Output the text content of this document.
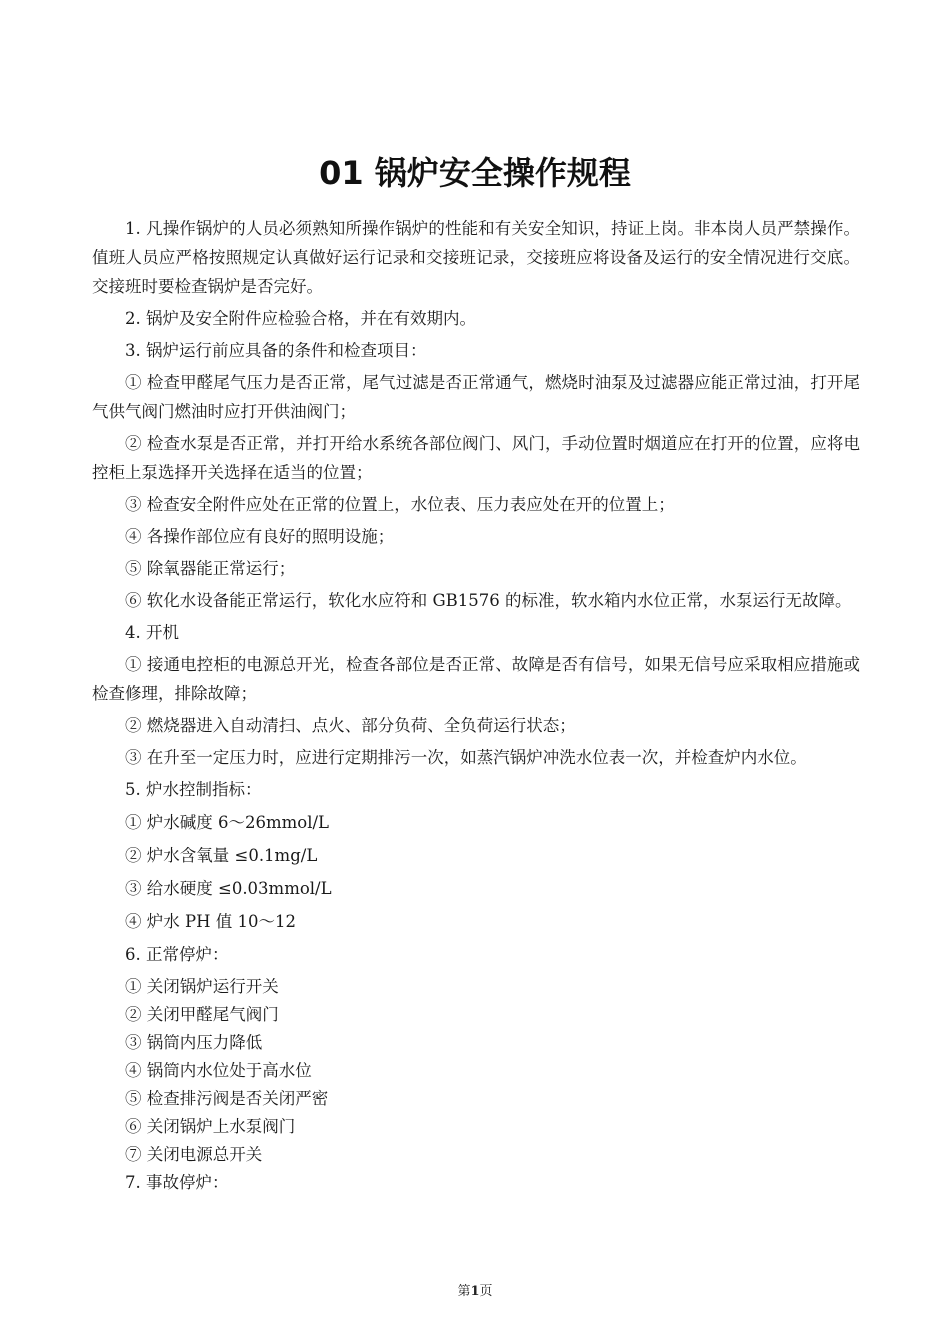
01 锅炉安全操作规程

1. 凡操作锅炉的人员必须熟知所操作锅炉的性能和有关安全知识，持证上岗。非本岗人员严禁操作。值班人员应严格按照规定认真做好运行记录和交接班记录，交接班应将设备及运行的安全情况进行交底。交接班时要检查锅炉是否完好。

2. 锅炉及安全附件应检验合格，并在有效期内。

3. 锅炉运行前应具备的条件和检查项目：

① 检查甲醛尾气压力是否正常，尾气过滤是否正常通气，燃烧时油泵及过滤器应能正常过油，打开尾气供气阀门燃油时应打开供油阀门；

② 检查水泵是否正常，并打开给水系统各部位阀门、风门，手动位置时烟道应在打开的位置，应将电控柜上泵选择开关选择在适当的位置；

③ 检查安全附件应处在正常的位置上，水位表、压力表应处在开的位置上；

④ 各操作部位应有良好的照明设施；

⑤ 除氧器能正常运行；

⑥ 软化水设备能正常运行，软化水应符和 GB1576 的标准，软水箱内水位正常，水泵运行无故障。

4. 开机

① 接通电控柜的电源总开光，检查各部位是否正常、故障是否有信号，如果无信号应采取相应措施或检查修理，排除故障；

② 燃烧器进入自动清扫、点火、部分负荷、全负荷运行状态；

③ 在升至一定压力时，应进行定期排污一次，如蒸汽锅炉冲洗水位表一次，并检查炉内水位。

5. 炉水控制指标：

① 炉水碱度 6～26mmol/L

② 炉水含氧量 ≤0.1mg/L

③ 给水硬度 ≤0.03mmol/L

④ 炉水 PH 值 10～12

6. 正常停炉：

① 关闭锅炉运行开关

② 关闭甲醛尾气阀门

③ 锅筒内压力降低

④ 锅筒内水位处于高水位

⑤ 检查排污阀是否关闭严密

⑥ 关闭锅炉上水泵阀门

⑦ 关闭电源总开关

7. 事故停炉：

第1页
